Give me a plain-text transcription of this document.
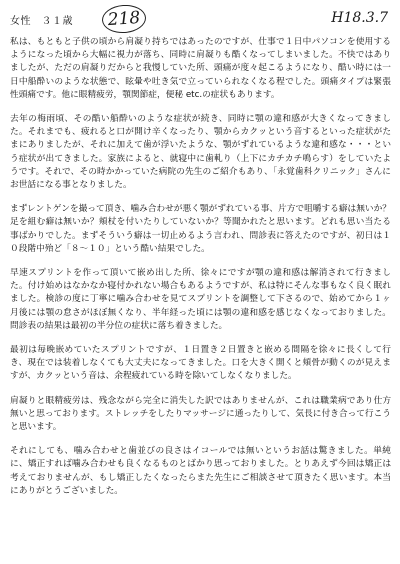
女性　３１歳	218	H18.3.7

私は、もともと子供の頃から肩凝り持ちではあったのですが、仕事で１日中パソコンを使用するようになった頃から大幅に視力が落ち、同時に肩凝りも酷くなってしまいました。不快ではありましたが、ただの肩凝りだからと我慢していた所、頭痛が度々起こるようになり、酷い時には一日中船酔いのような状態で、眩暈や吐き気で立っていられなくなる程でした。頭痛タイプは緊張性頭痛です。他に眼精疲労，顎関節症，便秘 etc.の症状もあります。

去年の梅雨頃、その酷い船酔いのような症状が続き、同時に顎の違和感が大きくなってきました。それまでも、疲れると口が開け辛くなったり、顎からカクッという音するといった症状がたまにありましたが、それに加えて歯が浮いたような、顎がずれているような違和感な・・・という症状が出てきました。家族によると、就寝中に歯軋り（上下にカチカチ鳴らす）をしていたようです。それで、その時かかっていた病院の先生のご紹介もあり、「永覚歯科クリニック」さんにお世話になる事となりました。

まずレントゲンを撮って頂き、噛み合わせが悪く顎がずれている事、片方で咀嚼する癖は無いか？足を組む癖は無いか？頬杖を付いたりしていないか？等聞かれたと思います。どれも思い当たる事ばかりでした。まずそういう癖は一切止めるよう言われ、問診表に答えたのですが、初日は１０段階中殆ど「８～１０」という酷い結果でした。

早速スプリントを作って頂いて嵌め出した所、徐々にですが顎の違和感は解消されて行きました。付け始めはなかなか寝付かれない場合もあるようですが、私は特にそんな事もなく良く眠れました。検診の度に丁寧に噛み合わせを見てスプリントを調整して下さるので、始めてから１ヶ月後には顎の怠さがほぼ無くなり、半年経った頃には顎の違和感を感じなくなっておりました。問診表の結果は最初の半分位の症状に落ち着きました。

最初は毎晩嵌めていたスプリントですが、１日置き２日置きと嵌める間隔を徐々に長くして行き、現在では装着しなくても大丈夫になってきました。口を大きく開くと頬骨が動くのが見えますが、カクッという音は、余程疲れている時を除いてしなくなりました。

肩凝りと眼精疲労は、残念ながら完全に消失した訳ではありませんが、これは職業病であり仕方無いと思っております。ストレッチをしたりマッサージに通ったりして、気長に付き合って行こうと思います。

それにしても、噛み合わせと歯並びの良さはイコールでは無いというお話は驚きました。単純に、矯正すれば噛み合わせも良くなるものとばかり思っておりました。とりあえず今回は矯正は考えておりませんが、もし矯正したくなったらまた先生にご相談させて頂きたく思います。本当にありがとうございました。
